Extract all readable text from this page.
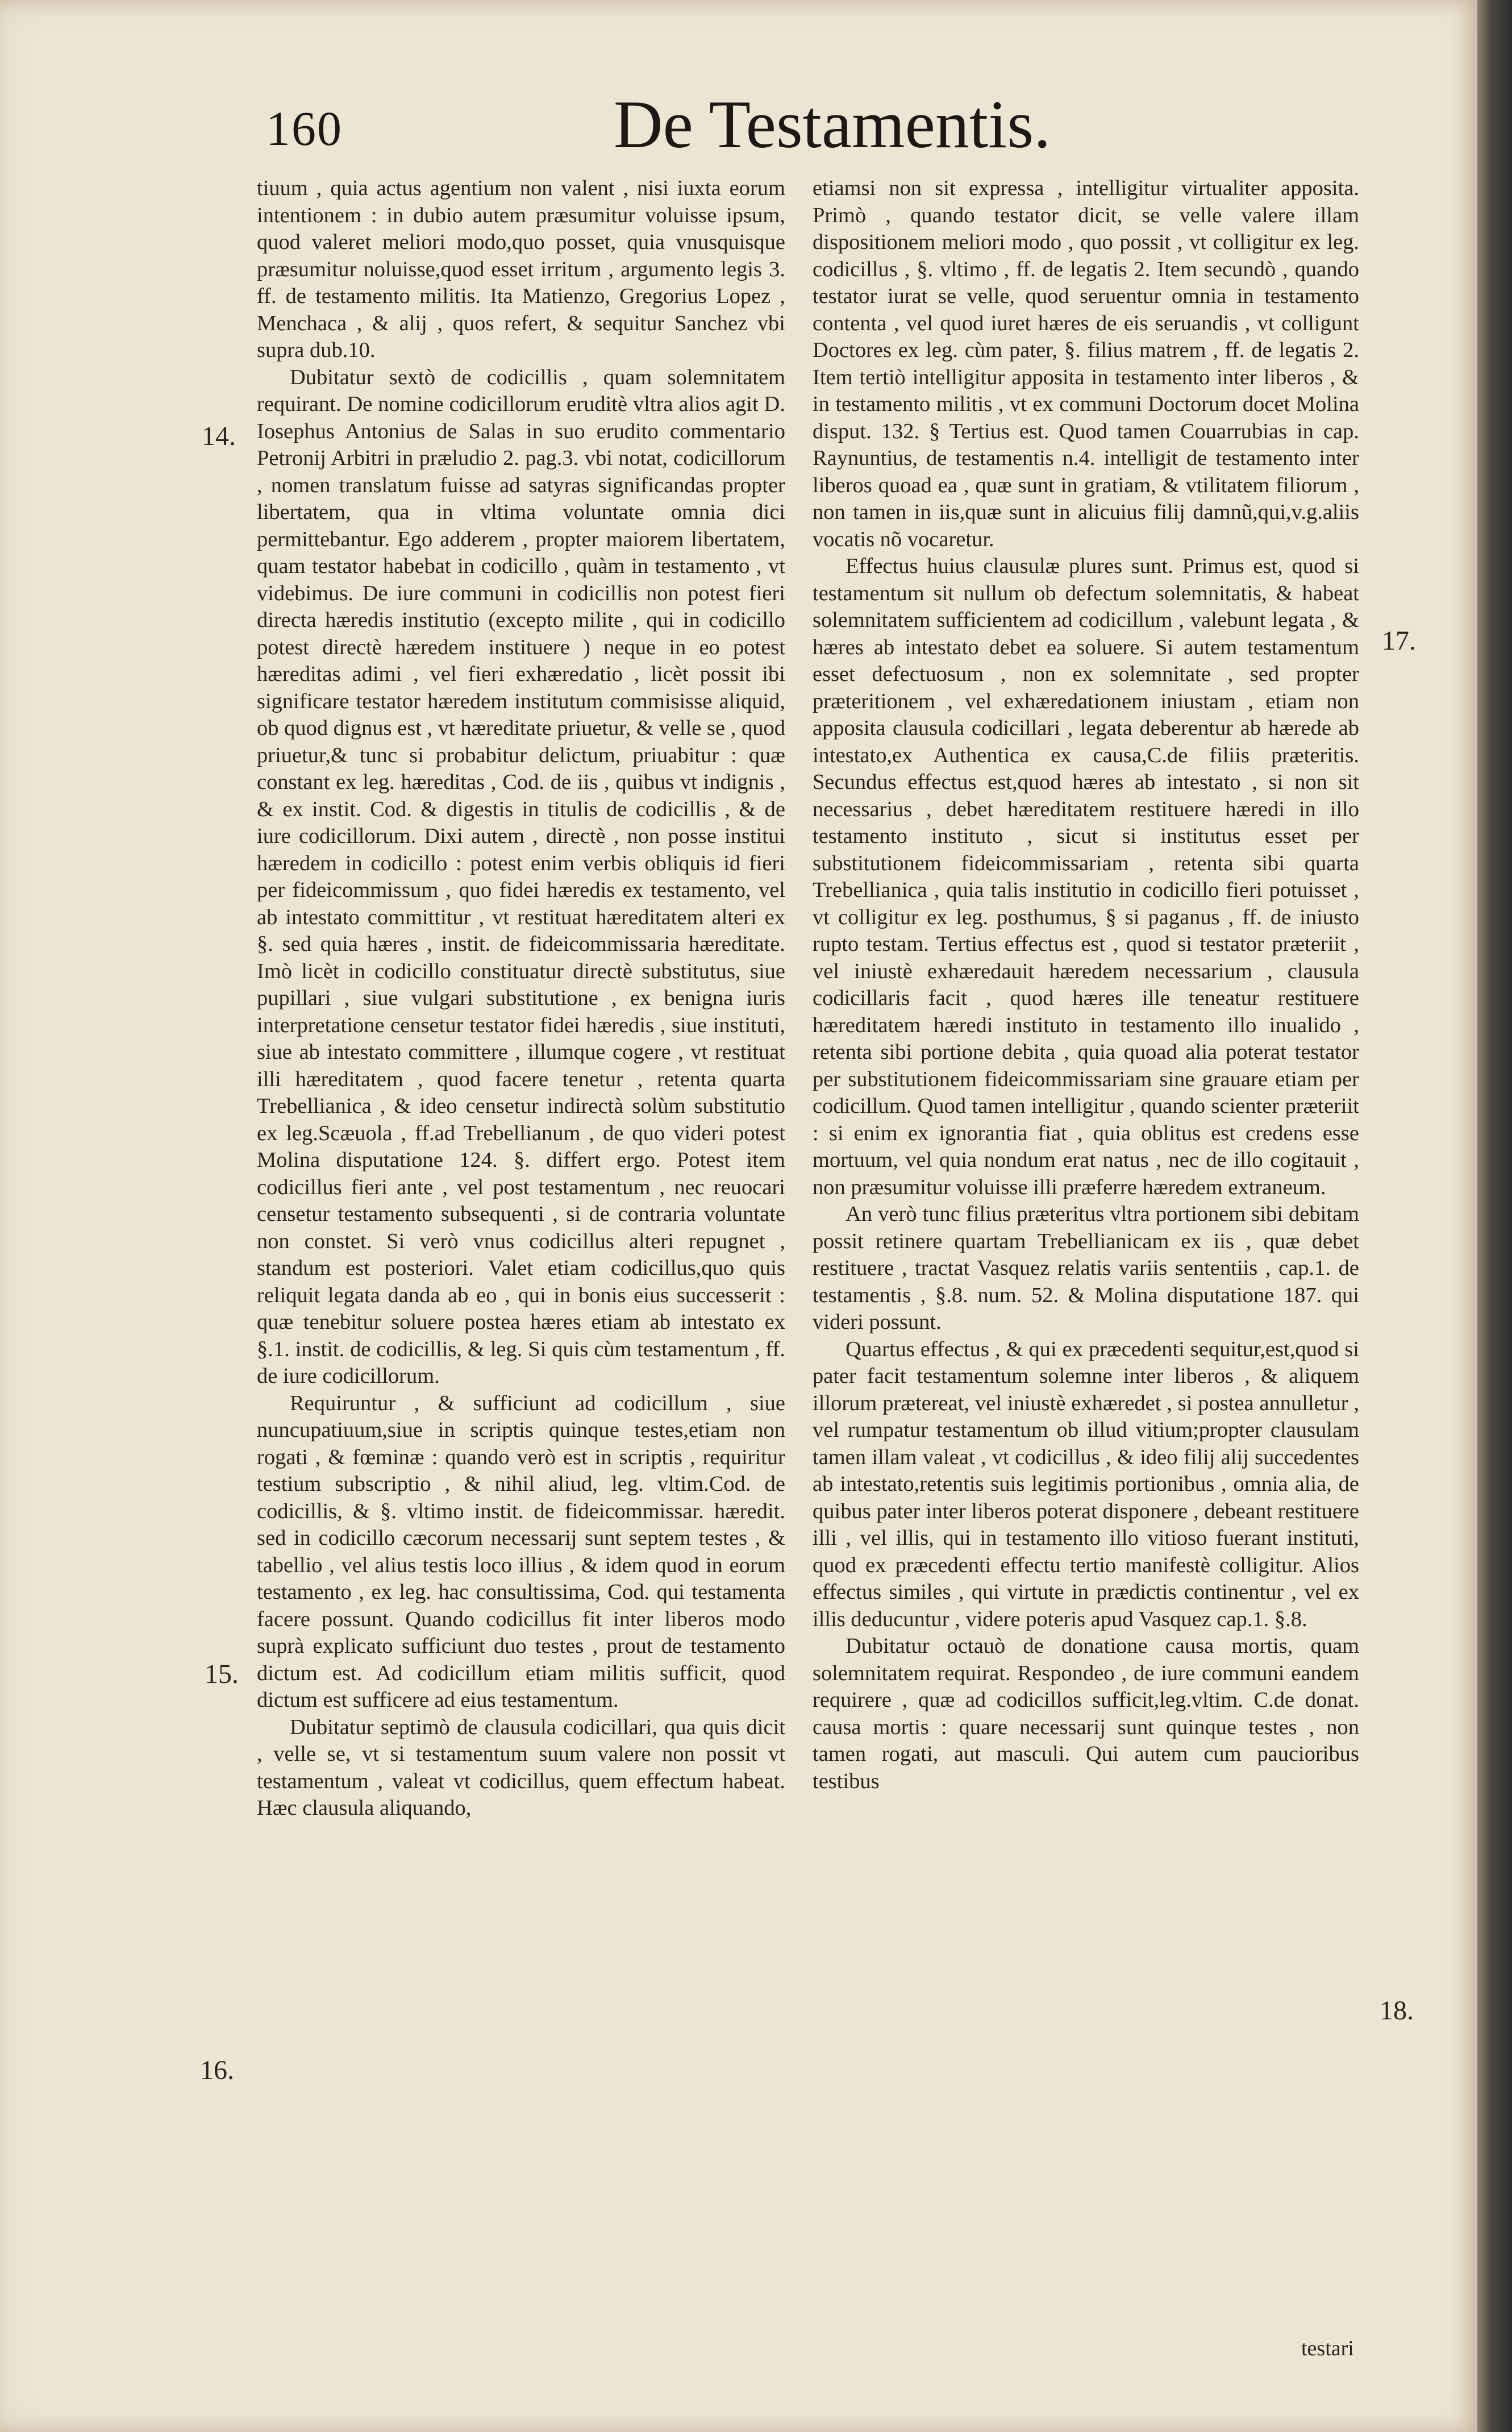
160	De Testamentis.
14.
15.
16.
17.
18.

tiuum , quia actus agentium non valent , nisi iuxta eorum intentionem : in dubio autem præsumitur voluisse ipsum, quod valeret meliori modo,quo posset, quia vnusquisque præsumitur noluisse,quod esset irritum , argumento legis 3. ff. de testamento militis. Ita Matienzo, Gregorius Lopez , Menchaca , & alij , quos refert, & sequitur Sanchez vbi supra dub.10.

Dubitatur sextò de codicillis , quam solemnitatem requirant. De nomine codicillorum eruditè vltra alios agit D. Iosephus Antonius de Salas in suo erudito commentario Petronij Arbitri in præludio 2. pag.3. vbi notat, codicillorum , nomen translatum fuisse ad satyras significandas propter libertatem, qua in vltima voluntate omnia dici permittebantur. Ego adderem , propter maiorem libertatem, quam testator habebat in codicillo , quàm in testamento , vt videbimus. De iure communi in codicillis non potest fieri directa hæredis institutio (excepto milite , qui in codicillo potest directè hæredem instituere ) neque in eo potest hæreditas adimi , vel fieri exhæredatio , licèt possit ibi significare testator hæredem institutum commisisse aliquid, ob quod dignus est , vt hæreditate priuetur, & velle se , quod priuetur,& tunc si probabitur delictum, priuabitur : quæ constant ex leg. hæreditas , Cod. de iis , quibus vt indignis , & ex instit. Cod. & digestis in titulis de codicillis , & de iure codicillorum. Dixi autem , directè , non posse institui hæredem in codicillo : potest enim verbis obliquis id fieri per fideicommissum , quo fidei hæredis ex testamento, vel ab intestato committitur , vt restituat hæreditatem alteri ex §. sed quia hæres , instit. de fideicommissaria hæreditate. Imò licèt in codicillo constituatur directè substitutus, siue pupillari , siue vulgari substitutione , ex benigna iuris interpretatione censetur testator fidei hæredis , siue instituti, siue ab intestato committere , illumque cogere , vt restituat illi hæreditatem , quod facere tenetur , retenta quarta Trebellianica , & ideo censetur indirectà solùm substitutio ex leg.Scæuola , ff.ad Trebellianum , de quo videri potest Molina disputatione 124. §. differt ergo. Potest item codicillus fieri ante , vel post testamentum , nec reuocari censetur testamento subsequenti , si de contraria voluntate non constet. Si verò vnus codicillus alteri repugnet , standum est posteriori. Valet etiam codicillus,quo quis reliquit legata danda ab eo , qui in bonis eius successerit : quæ tenebitur soluere postea hæres etiam ab intestato ex §.1. instit. de codicillis, & leg. Si quis cùm testamentum , ff. de iure codicillorum.

Requiruntur , & sufficiunt ad codicillum , siue nuncupatiuum,siue in scriptis quinque testes,etiam non rogati , & fœminæ : quando verò est in scriptis , requiritur testium subscriptio , & nihil aliud, leg. vltim.Cod. de codicillis, & §. vltimo instit. de fideicommissar. hæredit. sed in codicillo cæcorum necessarij sunt septem testes , & tabellio , vel alius testis loco illius , & idem quod in eorum testamento , ex leg. hac consultissima, Cod. qui testamenta facere possunt. Quando codicillus fit inter liberos modo suprà explicato sufficiunt duo testes , prout de testamento dictum est. Ad codicillum etiam militis sufficit, quod dictum est sufficere ad eius testamentum.

Dubitatur septimò de clausula codicillari, qua quis dicit , velle se, vt si testamentum suum valere non possit vt testamentum , valeat vt codicillus, quem effectum habeat. Hæc clausula aliquando,

etiamsi non sit expressa , intelligitur virtualiter apposita. Primò , quando testator dicit, se velle valere illam dispositionem meliori modo , quo possit , vt colligitur ex leg. codicillus , §. vltimo , ff. de legatis 2. Item secundò , quando testator iurat se velle, quod seruentur omnia in testamento contenta , vel quod iuret hæres de eis seruandis , vt colligunt Doctores ex leg. cùm pater, §. filius matrem , ff. de legatis 2. Item tertiò intelligitur apposita in testamento inter liberos , & in testamento militis , vt ex communi Doctorum docet Molina disput. 132. § Tertius est. Quod tamen Couarrubias in cap. Raynuntius, de testamentis n.4. intelligit de testamento inter liberos quoad ea , quæ sunt in gratiam, & vtilitatem filiorum , non tamen in iis,quæ sunt in alicuius filij damnũ,qui,v.g.aliis vocatis nõ vocaretur.

Effectus huius clausulæ plures sunt. Primus est, quod si testamentum sit nullum ob defectum solemnitatis, & habeat solemnitatem sufficientem ad codicillum , valebunt legata , & hæres ab intestato debet ea soluere. Si autem testamentum esset defectuosum , non ex solemnitate , sed propter præteritionem , vel exhæredationem iniustam , etiam non apposita clausula codicillari , legata deberentur ab hærede ab intestato,ex Authentica ex causa,C.de filiis præteritis. Secundus effectus est,quod hæres ab intestato , si non sit necessarius , debet hæreditatem restituere hæredi in illo testamento instituto , sicut si institutus esset per substitutionem fideicommissariam , retenta sibi quarta Trebellianica , quia talis institutio in codicillo fieri potuisset , vt colligitur ex leg. posthumus, § si paganus , ff. de iniusto rupto testam. Tertius effectus est , quod si testator præteriit , vel iniustè exhæredauit hæredem necessarium , clausula codicillaris facit , quod hæres ille teneatur restituere hæreditatem hæredi instituto in testamento illo inualido , retenta sibi portione debita , quia quoad alia poterat testator per substitutionem fideicommissariam sine grauare etiam per codicillum. Quod tamen intelligitur , quando scienter præteriit : si enim ex ignorantia fiat , quia oblitus est credens esse mortuum, vel quia nondum erat natus , nec de illo cogitauit , non præsumitur voluisse illi præferre hæredem extraneum.

An verò tunc filius præteritus vltra portionem sibi debitam possit retinere quartam Trebellianicam ex iis , quæ debet restituere , tractat Vasquez relatis variis sententiis , cap.1. de testamentis , §.8. num. 52. & Molina disputatione 187. qui videri possunt.

Quartus effectus , & qui ex præcedenti sequitur,est,quod si pater facit testamentum solemne inter liberos , & aliquem illorum prætereat, vel iniustè exhæredet , si postea annulletur , vel rumpatur testamentum ob illud vitium;propter clausulam tamen illam valeat , vt codicillus , & ideo filij alij succedentes ab intestato,retentis suis legitimis portionibus , omnia alia, de quibus pater inter liberos poterat disponere , debeant restituere illi , vel illis, qui in testamento illo vitioso fuerant instituti, quod ex præcedenti effectu tertio manifestè colligitur. Alios effectus similes , qui virtute in prædictis continentur , vel ex illis deducuntur , videre poteris apud Vasquez cap.1. §.8.

Dubitatur octauò de donatione causa mortis, quam solemnitatem requirat. Respondeo , de iure communi eandem requirere , quæ ad codicillos sufficit,leg.vltim. C.de donat. causa mortis : quare necessarij sunt quinque testes , non tamen rogati, aut masculi. Qui autem cum paucioribus testibus

testari
